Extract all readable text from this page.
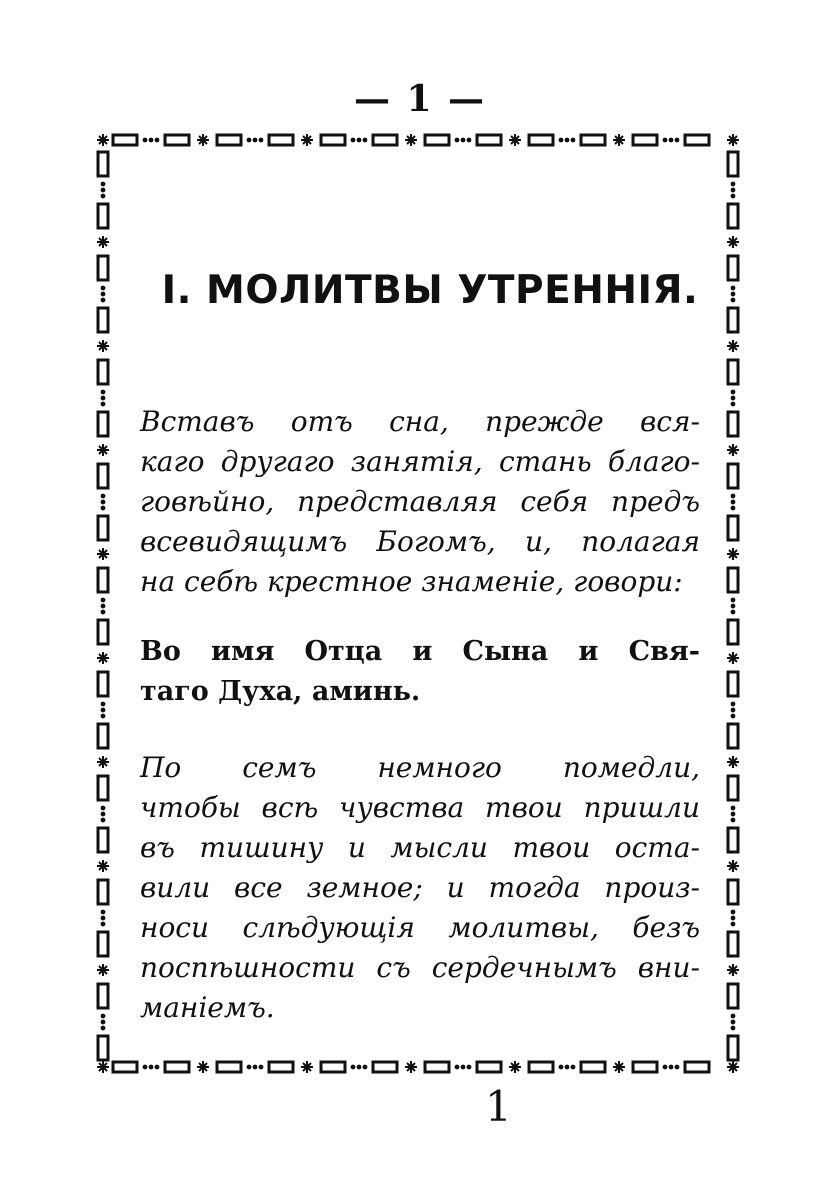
— 1 —
I. МОЛИТВЫ УТРЕННІЯ.
Вставъ отъ сна, прежде вся-
каго другаго занятія, стань благо-
говѣйно, представляя себя предъ
всевидящимъ Богомъ, и, полагая
на себѣ крестное знаменіе, говори:
Во имя Отца и Сына и Свя-
таго Духа, аминь.
По семъ немного помедли,
чтобы всѣ чувства твои пришли
въ тишину и мысли твои оста-
вили все земное; и тогда произ-
носи слѣдующія молитвы, безъ
поспѣшности съ сердечнымъ вни-
маніемъ.
1
